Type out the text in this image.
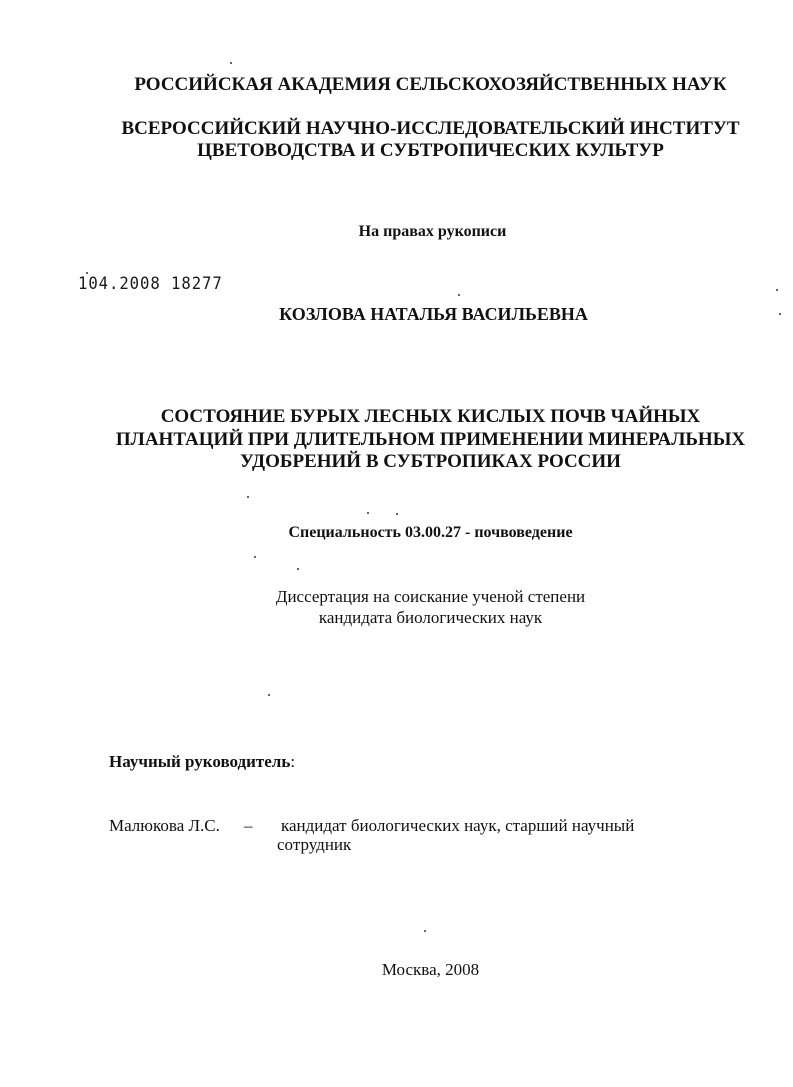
РОССИЙСКАЯ АКАДЕМИЯ СЕЛЬСКОХОЗЯЙСТВЕННЫХ НАУК
ВСЕРОССИЙСКИЙ НАУЧНО-ИССЛЕДОВАТЕЛЬСКИЙ ИНСТИТУТ
ЦВЕТОВОДСТВА И СУБТРОПИЧЕСКИХ КУЛЬТУР
На правах рукописи
104.2008 18277
КОЗЛОВА НАТАЛЬЯ ВАСИЛЬЕВНА
СОСТОЯНИЕ БУРЫХ ЛЕСНЫХ КИСЛЫХ ПОЧВ ЧАЙНЫХ
ПЛАНТАЦИЙ ПРИ ДЛИТЕЛЬНОМ ПРИМЕНЕНИИ МИНЕРАЛЬНЫХ
УДОБРЕНИЙ В СУБТРОПИКАХ РОССИИ
Специальность 03.00.27 - почвоведение
Диссертация на соискание ученой степени
кандидата биологических наук
Научный руководитель:
Малюкова Л.С. – кандидат биологических наук, старший научный
сотрудник
Москва, 2008
